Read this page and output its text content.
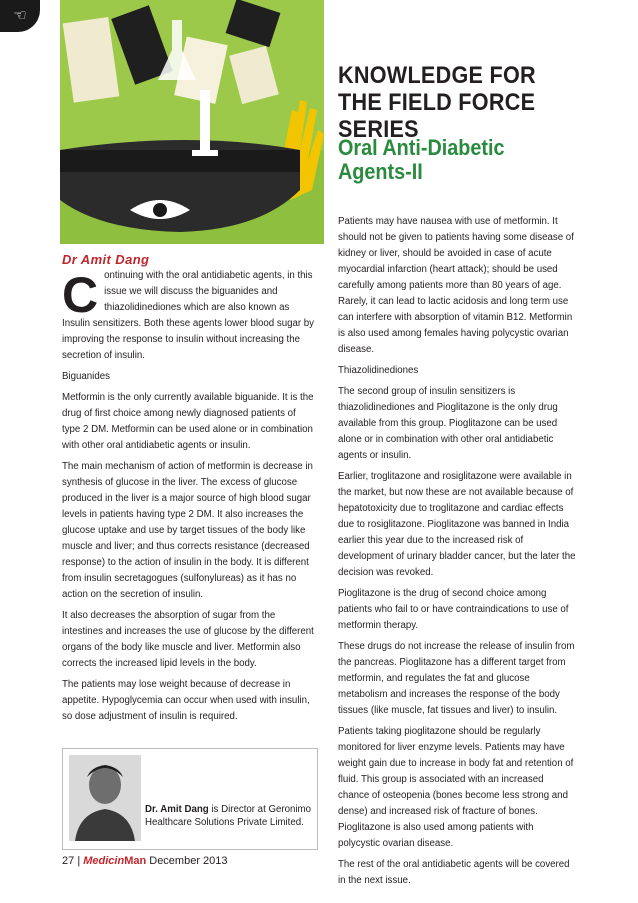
☜
KNOWLEDGE FOR THE FIELD FORCE SERIES
Oral Anti-Diabetic Agents-II
Dr Amit Dang

Continuing with the oral antidiabetic agents, in this issue we will discuss the biguanides and thiazolidinediones which are also known as Insulin sensitizers. Both these agents lower blood sugar by improving the response to insulin without increasing the secretion of insulin.

Biguanides

Metformin is the only currently available biguanide. It is the drug of first choice among newly diagnosed patients of type 2 DM. Metformin can be used alone or in combination with other oral antidiabetic agents or insulin.

The main mechanism of action of metformin is decrease in synthesis of glucose in the liver. The excess of glucose produced in the liver is a major source of high blood sugar levels in patients having type 2 DM. It also increases the glucose uptake and use by target tissues of the body like muscle and liver; and thus corrects resistance (decreased response) to the action of insulin in the body. It is different from insulin secretagogues (sulfonylureas) as it has no action on the secretion of insulin.

It also decreases the absorption of sugar from the intestines and increases the use of glucose by the different organs of the body like muscle and liver. Metformin also corrects the increased lipid levels in the body.

The patients may lose weight because of decrease in appetite. Hypoglycemia can occur when used with insulin, so dose adjustment of insulin is required.

Patients may have nausea with use of metformin. It should not be given to patients having some disease of kidney or liver, should be avoided in case of acute myocardial infarction (heart attack); should be used carefully among patients more than 80 years of age. Rarely, it can lead to lactic acidosis and long term use can interfere with absorption of vitamin B12. Metformin is also used among females having polycystic ovarian disease.

Thiazolidinediones

The second group of insulin sensitizers is thiazolidinediones and Pioglitazone is the only drug available from this group. Pioglitazone can be used alone or in combination with other oral antidiabetic agents or insulin.

Earlier, troglitazone and rosiglitazone were available in the market, but now these are not available because of hepatotoxicity due to troglitazone and cardiac effects due to rosiglitazone. Pioglitazone was banned in India earlier this year due to the increased risk of development of urinary bladder cancer, but the later the decision was revoked.

Pioglitazone is the drug of second choice among patients who fail to or have contraindications to use of metformin therapy.

These drugs do not increase the release of insulin from the pancreas. Pioglitazone has a different target from metformin, and regulates the fat and glucose metabolism and increases the response of the body tissues (like muscle, fat tissues and liver) to insulin.

Patients taking pioglitazone should be regularly monitored for liver enzyme levels. Patients may have weight gain due to increase in body fat and retention of fluid. This group is associated with an increased chance of osteopenia (bones become less strong and dense) and increased risk of fracture of bones. Pioglitazone is also used among patients with polycystic ovarian disease.

The rest of the oral antidiabetic agents will be covered in the next issue.

Dr. Amit Dang is Director at Geronimo Healthcare Solutions Private Limited.
27 | MedicinMan December 2013
